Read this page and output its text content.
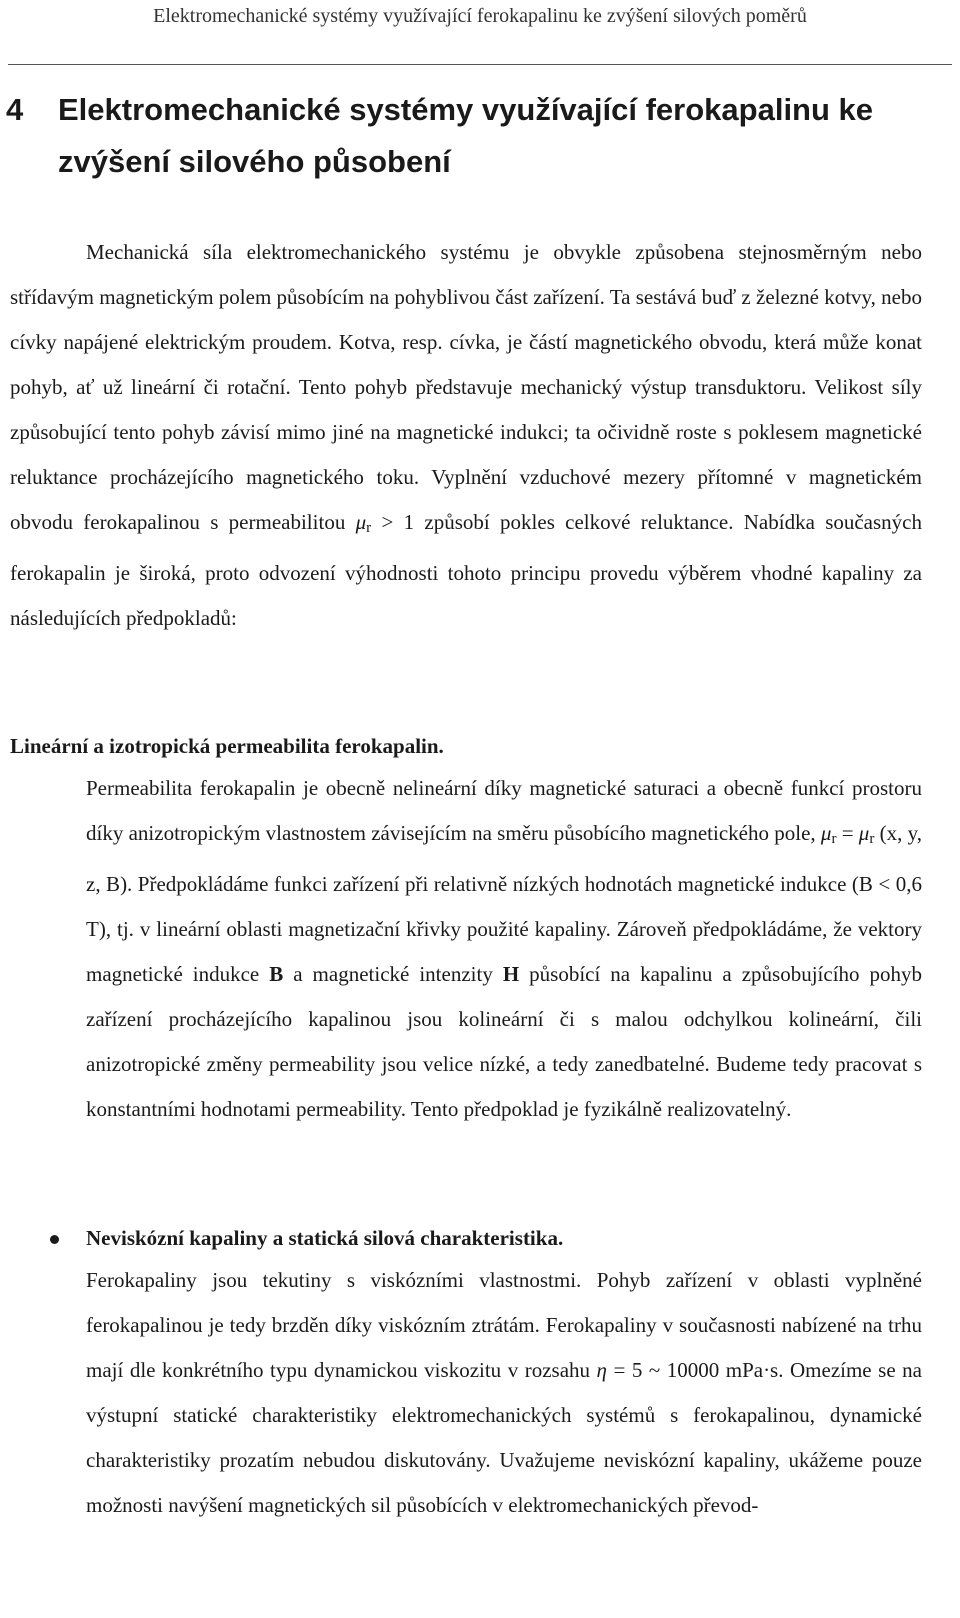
Elektromechanické systémy využívající ferokapalinu ke zvýšení silových poměrů
4	Elektromechanické systémy využívající ferokapalinu ke zvýšení silového působení

Mechanická síla elektromechanického systému je obvykle způsobena stejnosměrným nebo střídavým magnetickým polem působícím na pohyblivou část zařízení. Ta sestává buď z železné kotvy, nebo cívky napájené elektrickým proudem. Kotva, resp. cívka, je částí magnetického obvodu, která může konat pohyb, ať už lineární či rotační. Tento pohyb představuje mechanický výstup transduktoru. Velikost síly způsobující tento pohyb závisí mimo jiné na magnetické indukci; ta očividně roste s poklesem magnetické reluktance procházejícího magnetického toku. Vyplnění vzduchové mezery přítomné v magnetickém obvodu ferokapalinou s permeabilitou $\mu_r > 1$ způsobí pokles celkové reluktance. Nabídka současných ferokapalin je široká, proto odvození výhodnosti tohoto principu provedu výběrem vhodné kapaliny za následujících předpokladů:

Lineární a izotropická permeabilita ferokapalin.

Permeabilita ferokapalin je obecně nelineární díky magnetické saturaci a obecně funkcí prostoru díky anizotropickým vlastnostem závisejícím na směru působícího magnetického pole, $\mu_r = \mu_r$ (x, y, z, B). Předpokládáme funkci zařízení při relativně nízkých hodnotách magnetické indukce (B < 0,6 T), tj. v lineární oblasti magnetizační křivky použité kapaliny. Zároveň předpokládáme, že vektory magnetické indukce B a magnetické intenzity H působící na kapalinu a způsobujícího pohyb zařízení procházejícího kapalinou jsou kolineární či s malou odchylkou kolineární, čili anizotropické změny permeability jsou velice nízké, a tedy zanedbatelné. Budeme tedy pracovat s konstantními hodnotami permeability. Tento předpoklad je fyzikálně realizovatelný.

Neviskózní kapaliny a statická silová charakteristika.

Ferokapaliny jsou tekutiny s viskózními vlastnostmi. Pohyb zařízení v oblasti vyplněné ferokapalinou je tedy brzděn díky viskózním ztrátám. Ferokapaliny v současnosti nabízené na trhu mají dle konkrétního typu dynamickou viskozitu v rozsahu η = 5 ~ 10000 mPa·s. Omezíme se na výstupní statické charakteristiky elektromechanických systémů s ferokapalinou, dynamické charakteristiky prozatím nebudou diskutovány. Uvažujeme neviskózní kapaliny, ukážeme pouze možnosti navýšení magnetických sil působících v elektromechanických převod-
